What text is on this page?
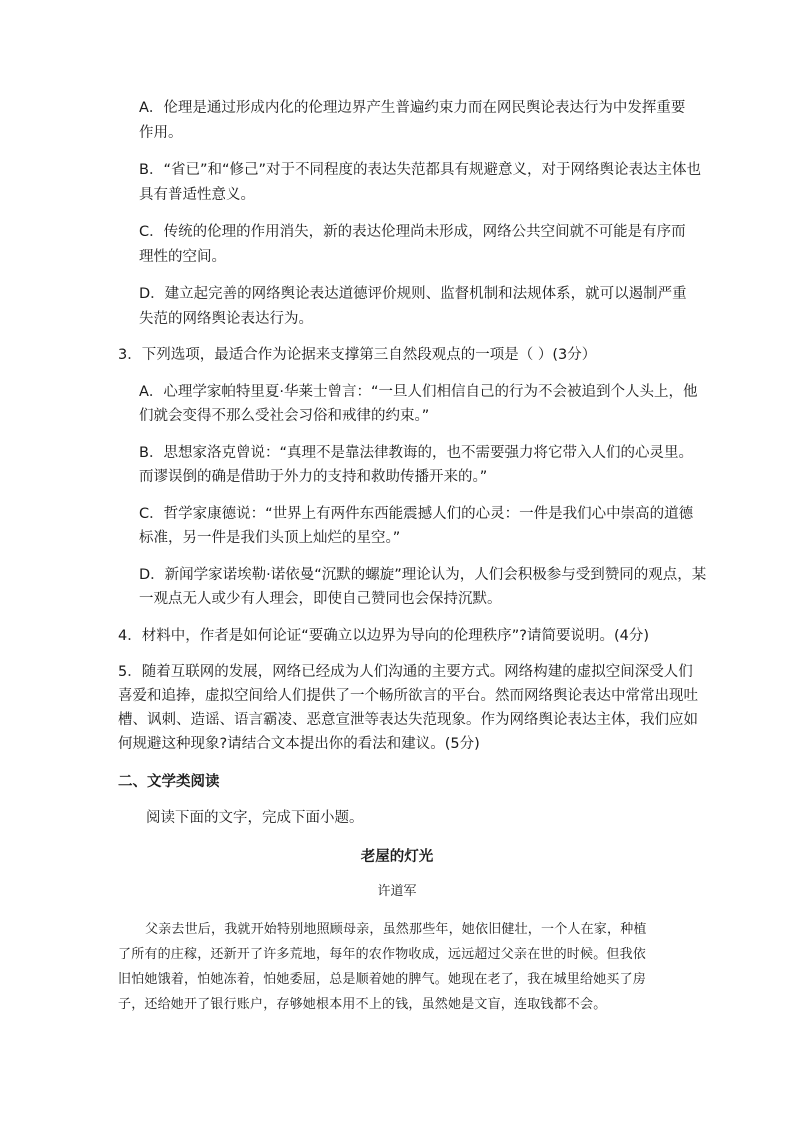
A．伦理是通过形成内化的伦理边界产生普遍约束力而在网民舆论表达行为中发挥重要
作用。
B．“省已”和“修己”对于不同程度的表达失范都具有规避意义，对于网络舆论表达主体也
具有普适性意义。
C．传统的伦理的作用消失，新的表达伦理尚未形成，网络公共空间就不可能是有序而
理性的空间。
D．建立起完善的网络舆论表达道德评价规则、监督机制和法规体系，就可以遏制严重
失范的网络舆论表达行为。
3．下列选项，最适合作为论据来支撑第三自然段观点的一项是（ ）(3分）
A．心理学家帕特里夏·华莱士曾言：“一旦人们相信自己的行为不会被追到个人头上，他
们就会变得不那么受社会习俗和戒律的约束。”
B．思想家洛克曾说：“真理不是靠法律教诲的，也不需要强力将它带入人们的心灵里。
而谬误倒的确是借助于外力的支持和救助传播开来的。”
C．哲学家康德说：“世界上有两件东西能震撼人们的心灵：一件是我们心中崇高的道德
标准，另一件是我们头顶上灿烂的星空。”
D．新闻学家诺埃勒·诺依曼“沉默的螺旋”理论认为，人们会积极参与受到赞同的观点，某
一观点无人或少有人理会，即使自己赞同也会保持沉默。
4．材料中，作者是如何论证“要确立以边界为导向的伦理秩序”?请简要说明。(4分)
5．随着互联网的发展，网络已经成为人们沟通的主要方式。网络构建的虚拟空间深受人们
喜爱和追捧，虚拟空间给人们提供了一个畅所欲言的平台。然而网络舆论表达中常常出现吐
槽、讽刺、造谣、语言霸凌、恶意宣泄等表达失范现象。作为网络舆论表达主体，我们应如
何规避这种现象?请结合文本提出你的看法和建议。(5分)
二、文学类阅读
阅读下面的文字，完成下面小题。
老屋的灯光
许道军
父亲去世后，我就开始特别地照顾母亲，虽然那些年，她依旧健壮，一个人在家，种植
了所有的庄稼，还新开了许多荒地，每年的农作物收成，远远超过父亲在世的时候。但我依
旧怕她饿着，怕她冻着，怕她委屈，总是顺着她的脾气。她现在老了，我在城里给她买了房
子，还给她开了银行账户，存够她根本用不上的钱，虽然她是文盲，连取钱都不会。
